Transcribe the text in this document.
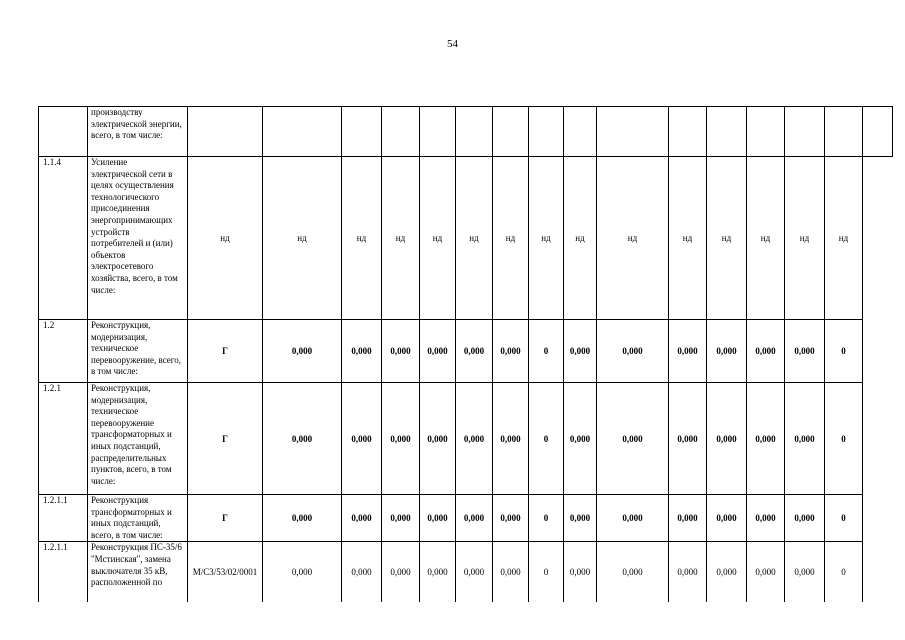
54
	производству электрической энергии, всего, в том числе:																
1.1.4	Усиление электрической сети в целях осуществления технологического присоединения энергопринимающих устройств потребителей и (или) объектов электросетевого хозяйства, всего, в том числе:	нд	нд	нд	нд	нд	нд	нд	нд	нд	нд	нд	нд	нд	нд	нд	
1.2	Реконструкция, модернизация, техническое перевооружение, всего, в том числе:	Г	0,000	0,000	0,000	0,000	0,000	0,000	0	0,000	0,000	0,000	0,000	0,000	0,000	0	
1.2.1	Реконструкция, модернизация, техническое перевооружение трансформаторных и иных подстанций, распределительных пунктов, всего, в том числе:	Г	0,000	0,000	0,000	0,000	0,000	0,000	0	0,000	0,000	0,000	0,000	0,000	0,000	0	
1.2.1.1	Реконструкция трансформаторных и иных подстанций, всего, в том числе:	Г	0,000	0,000	0,000	0,000	0,000	0,000	0	0,000	0,000	0,000	0,000	0,000	0,000	0	
1.2.1.1	Реконструкция ПС-35/6 "Мстинская", замена выключателя 35 кВ, расположенной по	M/C3/53/02/0001	0,000	0,000	0,000	0,000	0,000	0,000	0	0,000	0,000	0,000	0,000	0,000	0,000	0	
